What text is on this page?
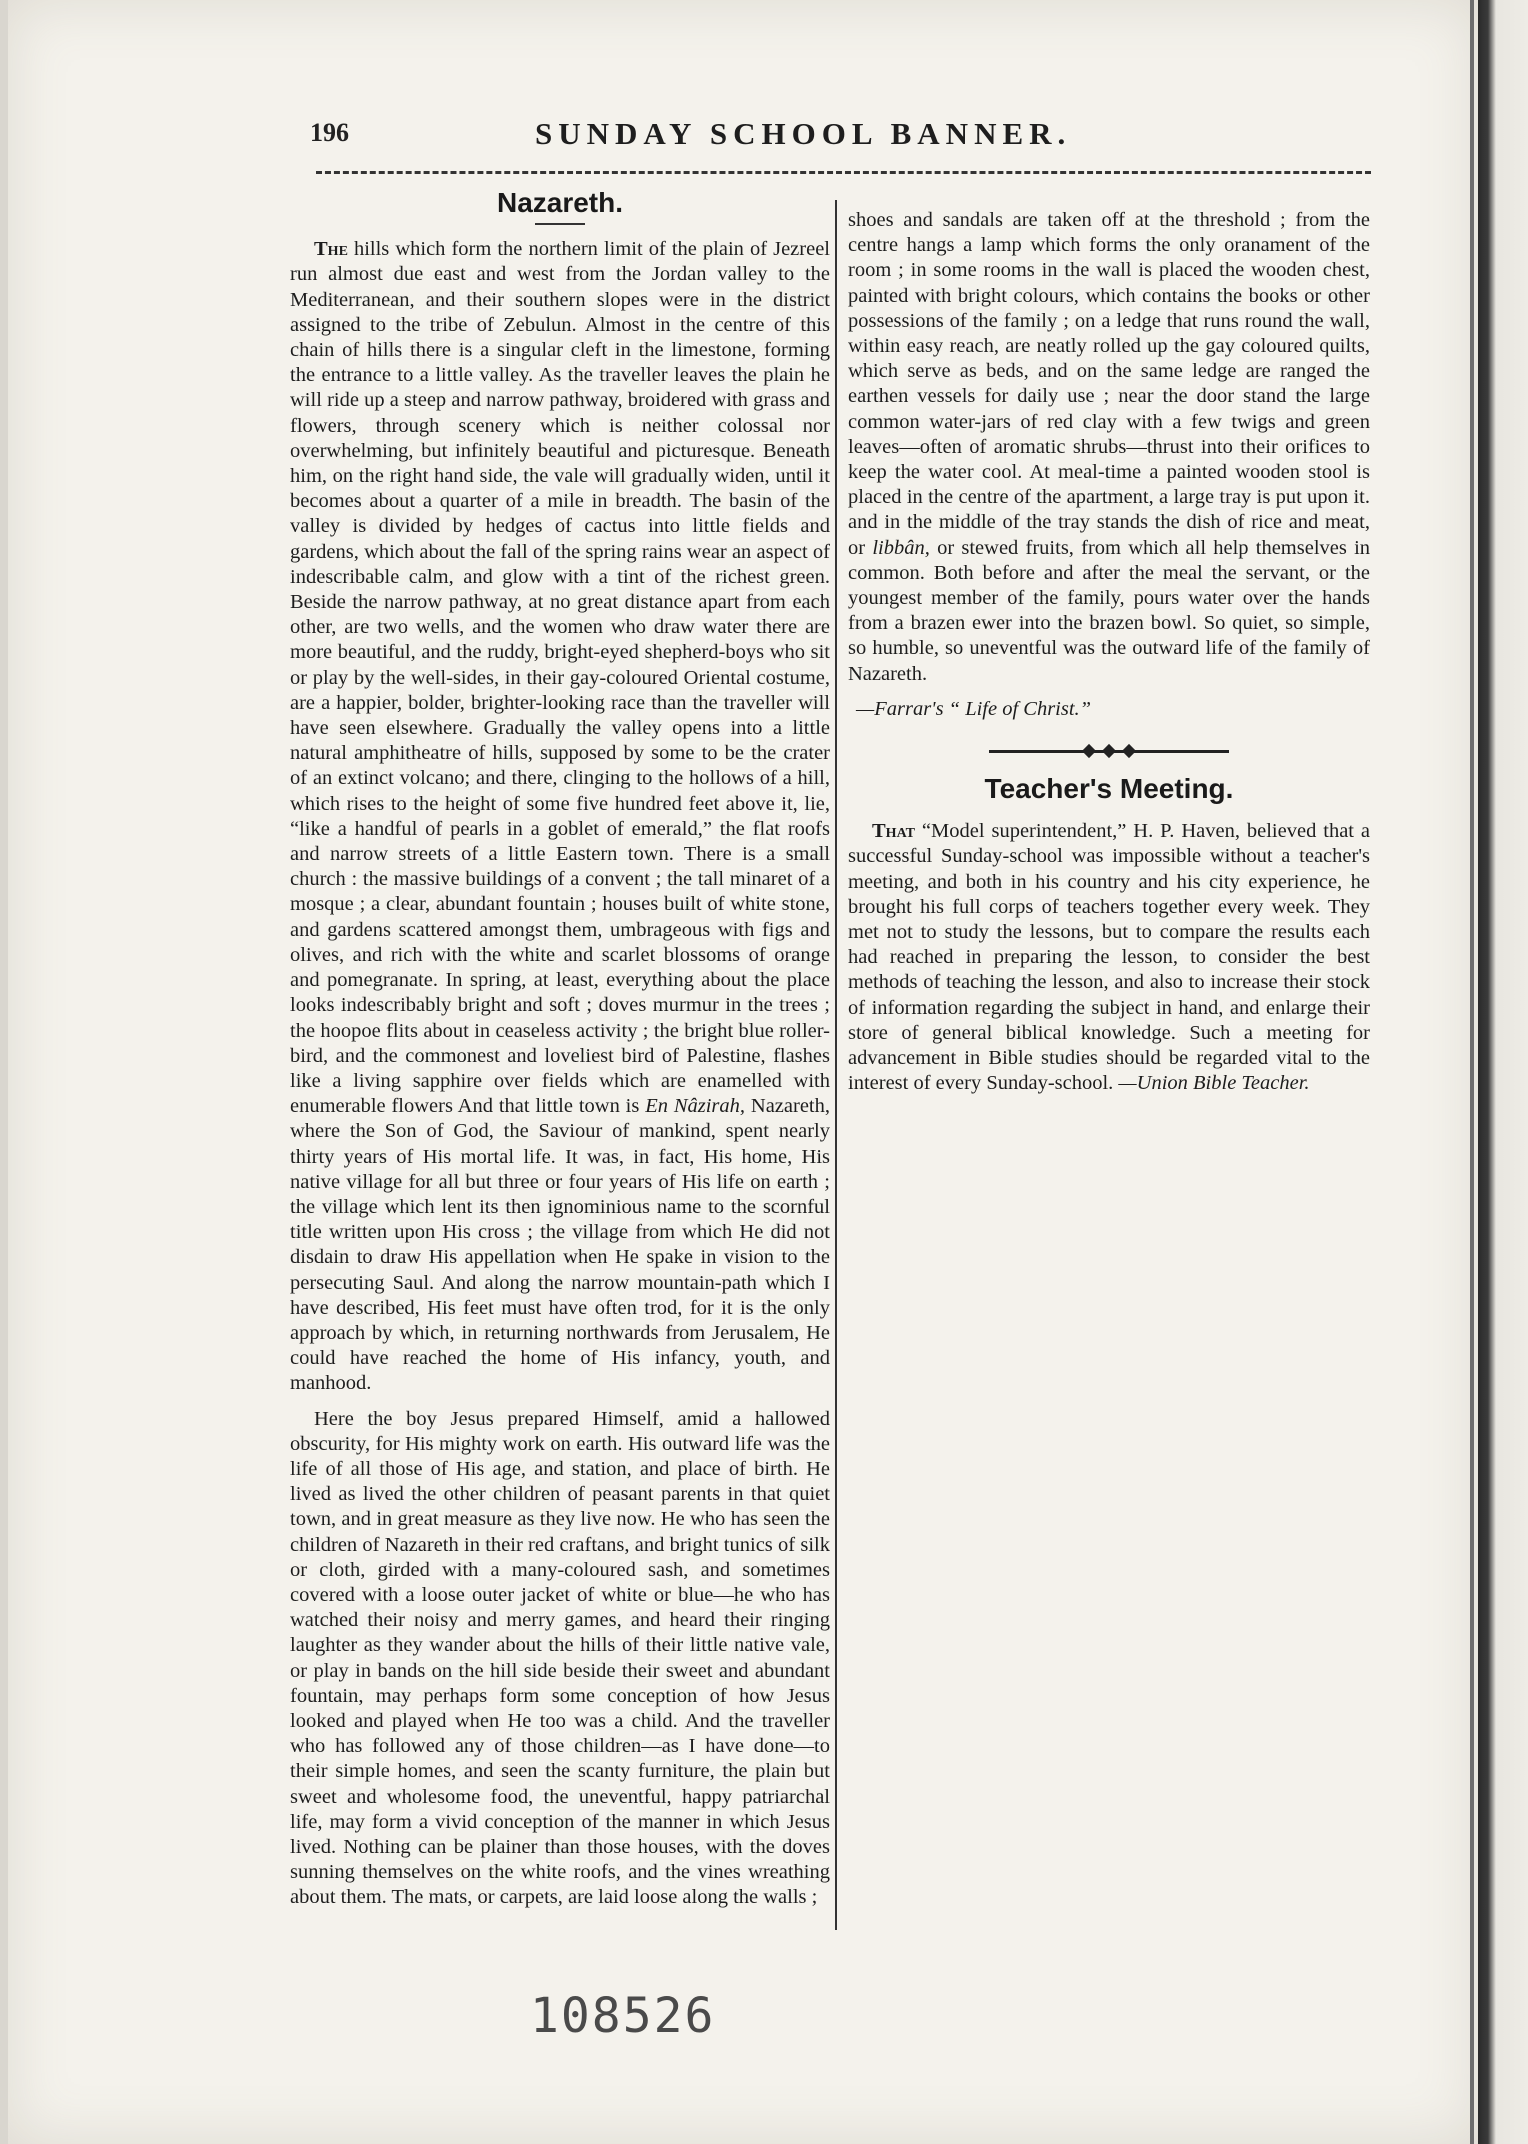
196	SUNDAY SCHOOL BANNER.
Nazareth.

The hills which form the northern limit of the plain of Jezreel run almost due east and west from the Jordan valley to the Mediterranean, and their southern slopes were in the district assigned to the tribe of Zebulun. Almost in the centre of this chain of hills there is a singular cleft in the limestone, forming the entrance to a little valley. As the traveller leaves the plain he will ride up a steep and narrow pathway, broidered with grass and flowers, through scenery which is neither colossal nor overwhelming, but infinitely beautiful and picturesque. Beneath him, on the right hand side, the vale will gradually widen, until it becomes about a quarter of a mile in breadth. The basin of the valley is divided by hedges of cactus into little fields and gardens, which about the fall of the spring rains wear an aspect of indescribable calm, and glow with a tint of the richest green. Beside the narrow pathway, at no great distance apart from each other, are two wells, and the women who draw water there are more beautiful, and the ruddy, bright-eyed shepherd-boys who sit or play by the well-sides, in their gay-coloured Oriental costume, are a happier, bolder, brighter-looking race than the traveller will have seen elsewhere. Gradually the valley opens into a little natural amphitheatre of hills, supposed by some to be the crater of an extinct volcano; and there, clinging to the hollows of a hill, which rises to the height of some five hundred feet above it, lie, “like a handful of pearls in a goblet of emerald,” the flat roofs and narrow streets of a little Eastern town. There is a small church : the massive buildings of a convent ; the tall minaret of a mosque ; a clear, abundant fountain ; houses built of white stone, and gardens scattered amongst them, umbrageous with figs and olives, and rich with the white and scarlet blossoms of orange and pomegranate. In spring, at least, everything about the place looks indescribably bright and soft ; doves murmur in the trees ; the hoopoe flits about in ceaseless activity ; the bright blue roller-bird, and the commonest and loveliest bird of Palestine, flashes like a living sapphire over fields which are enamelled with enumerable flowers And that little town is En Nâzirah, Nazareth, where the Son of God, the Saviour of mankind, spent nearly thirty years of His mortal life. It was, in fact, His home, His native village for all but three or four years of His life on earth ; the village which lent its then ignominious name to the scornful title written upon His cross ; the village from which He did not disdain to draw His appellation when He spake in vision to the persecuting Saul. And along the narrow mountain-path which I have described, His feet must have often trod, for it is the only approach by which, in returning northwards from Jerusalem, He could have reached the home of His infancy, youth, and manhood.

Here the boy Jesus prepared Himself, amid a hallowed obscurity, for His mighty work on earth. His outward life was the life of all those of His age, and station, and place of birth. He lived as lived the other children of peasant parents in that quiet town, and in great measure as they live now. He who has seen the children of Nazareth in their red craftans, and bright tunics of silk or cloth, girded with a many-coloured sash, and sometimes covered with a loose outer jacket of white or blue—he who has watched their noisy and merry games, and heard their ringing laughter as they wander about the hills of their little native vale, or play in bands on the hill side beside their sweet and abundant fountain, may perhaps form some conception of how Jesus looked and played when He too was a child. And the traveller who has followed any of those children—as I have done—to their simple homes, and seen the scanty furniture, the plain but sweet and wholesome food, the uneventful, happy patriarchal life, may form a vivid conception of the manner in which Jesus lived. Nothing can be plainer than those houses, with the doves sunning themselves on the white roofs, and the vines wreathing about them. The mats, or carpets, are laid loose along the walls ;

shoes and sandals are taken off at the threshold ; from the centre hangs a lamp which forms the only oranament of the room ; in some rooms in the wall is placed the wooden chest, painted with bright colours, which contains the books or other possessions of the family ; on a ledge that runs round the wall, within easy reach, are neatly rolled up the gay coloured quilts, which serve as beds, and on the same ledge are ranged the earthen vessels for daily use ; near the door stand the large common water-jars of red clay with a few twigs and green leaves—often of aromatic shrubs—thrust into their orifices to keep the water cool. At meal-time a painted wooden stool is placed in the centre of the apartment, a large tray is put upon it. and in the middle of the tray stands the dish of rice and meat, or libbân, or stewed fruits, from which all help themselves in common. Both before and after the meal the servant, or the youngest member of the family, pours water over the hands from a brazen ewer into the brazen bowl. So quiet, so simple, so humble, so uneventful was the outward life of the family of Nazareth.

—Farrar's “ Life of Christ.”

Teacher's Meeting.

That “Model superintendent,” H. P. Haven, believed that a successful Sunday-school was impossible without a teacher's meeting, and both in his country and his city experience, he brought his full corps of teachers together every week. They met not to study the lessons, but to compare the results each had reached in preparing the lesson, to consider the best methods of teaching the lesson, and also to increase their stock of information regarding the subject in hand, and enlarge their store of general biblical knowledge. Such a meeting for advancement in Bible studies should be regarded vital to the interest of every Sunday-school. —Union Bible Teacher.

108526
